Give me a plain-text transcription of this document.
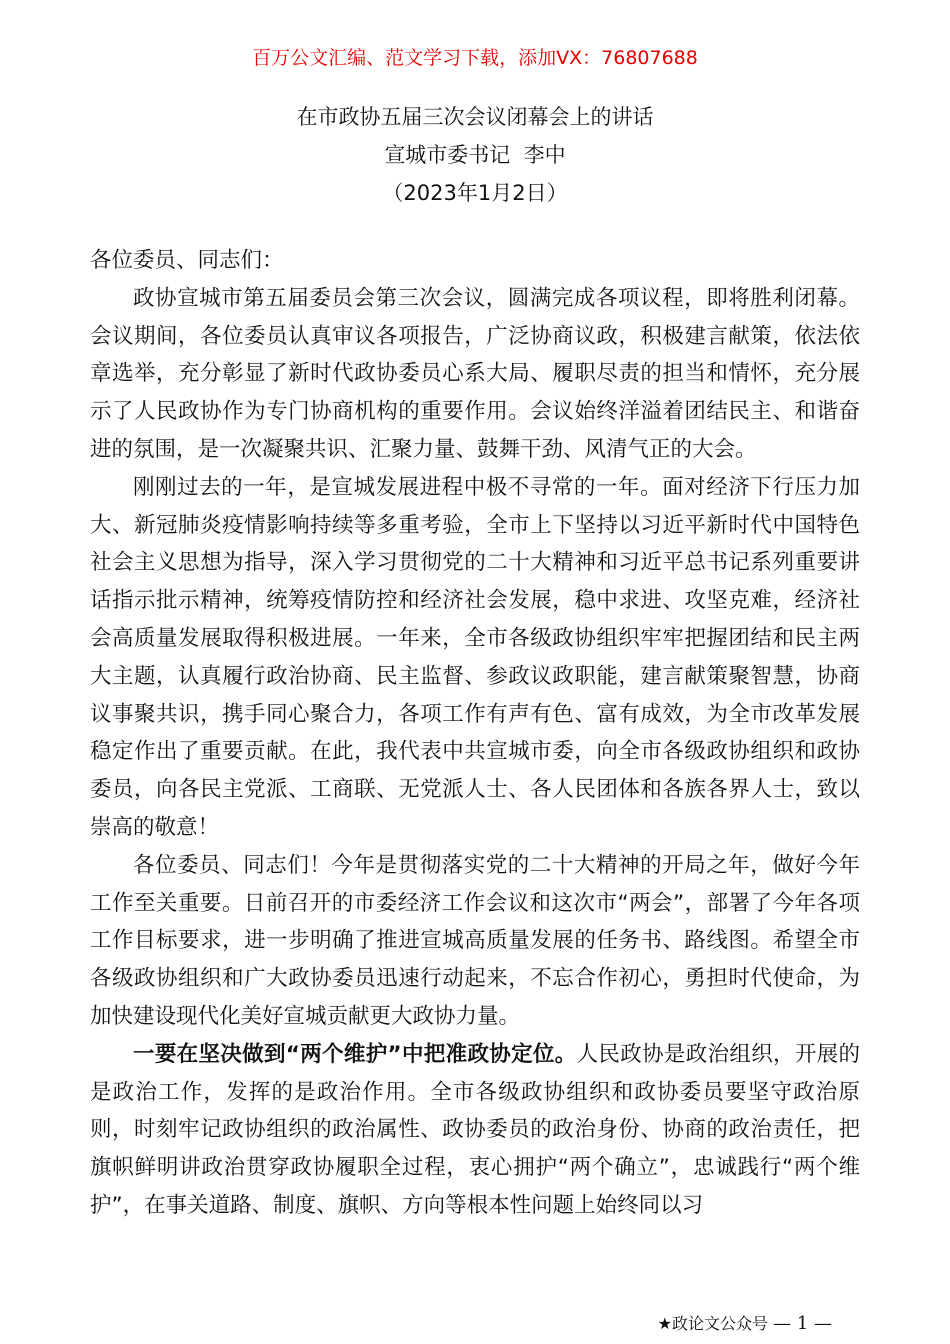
百万公文汇编、范文学习下载，添加VX：76807688
在市政协五届三次会议闭幕会上的讲话
宣城市委书记  李中
（2023年1月2日）

各位委员、同志们：

政协宣城市第五届委员会第三次会议，圆满完成各项议程，即将胜利闭幕。会议期间，各位委员认真审议各项报告，广泛协商议政，积极建言献策，依法依章选举，充分彰显了新时代政协委员心系大局、履职尽责的担当和情怀，充分展示了人民政协作为专门协商机构的重要作用。会议始终洋溢着团结民主、和谐奋进的氛围，是一次凝聚共识、汇聚力量、鼓舞干劲、风清气正的大会。

刚刚过去的一年，是宣城发展进程中极不寻常的一年。面对经济下行压力加大、新冠肺炎疫情影响持续等多重考验，全市上下坚持以习近平新时代中国特色社会主义思想为指导，深入学习贯彻党的二十大精神和习近平总书记系列重要讲话指示批示精神，统筹疫情防控和经济社会发展，稳中求进、攻坚克难，经济社会高质量发展取得积极进展。一年来，全市各级政协组织牢牢把握团结和民主两大主题，认真履行政治协商、民主监督、参政议政职能，建言献策聚智慧，协商议事聚共识，携手同心聚合力，各项工作有声有色、富有成效，为全市改革发展稳定作出了重要贡献。在此，我代表中共宣城市委，向全市各级政协组织和政协委员，向各民主党派、工商联、无党派人士、各人民团体和各族各界人士，致以崇高的敬意！

各位委员、同志们！今年是贯彻落实党的二十大精神的开局之年，做好今年工作至关重要。日前召开的市委经济工作会议和这次市“两会”，部署了今年各项工作目标要求，进一步明确了推进宣城高质量发展的任务书、路线图。希望全市各级政协组织和广大政协委员迅速行动起来，不忘合作初心，勇担时代使命，为加快建设现代化美好宣城贡献更大政协力量。

一要在坚决做到“两个维护”中把准政协定位。人民政协是政治组织，开展的是政治工作，发挥的是政治作用。全市各级政协组织和政协委员要坚守政治原则，时刻牢记政协组织的政治属性、政协委员的政治身份、协商的政治责任，把旗帜鲜明讲政治贯穿政协履职全过程，衷心拥护“两个确立”，忠诚践行“两个维护”，在事关道路、制度、旗帜、方向等根本性问题上始终同以习

★政论文公众号 — 1 —
